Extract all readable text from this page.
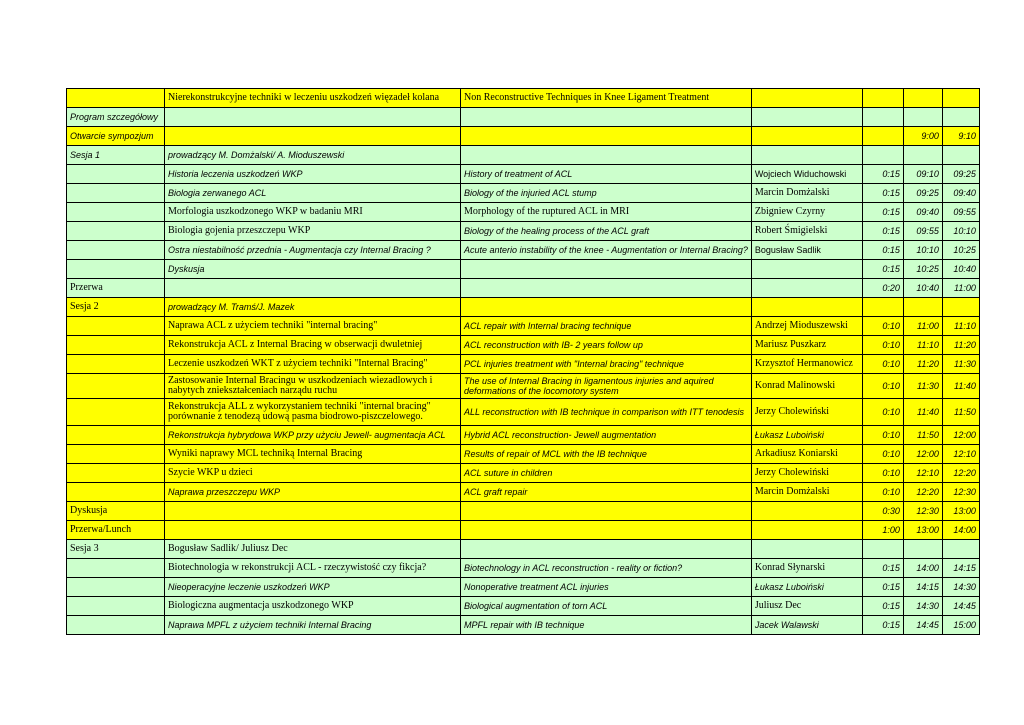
	Nierekonstrukcyjne techniki w leczeniu uszkodzeń więzadeł kolana	Non Reconstructive Techniques in Knee Ligament Treatment				
Program szczegółowy						
Otwarcie sympozjum					9:00	9:10
Sesja 1	prowadzący M. Domżalski/ A. Mioduszewski					
	Historia leczenia uszkodzeń WKP	History of treatment of ACL	Wojciech Widuchowski	0:15	09:10	09:25
	Biologia zerwanego ACL	Biology of the injuried ACL stump	Marcin Domżalski	0:15	09:25	09:40
	Morfologia uszkodzonego WKP w badaniu MRI	Morphology of the ruptured ACL in MRI	Zbigniew Czyrny	0:15	09:40	09:55
	Biologia gojenia przeszczepu WKP	Biology of the healing process of the ACL graft	Robert Śmigielski	0:15	09:55	10:10
	Ostra niestabilność przednia - Augmentacja czy Internal Bracing ?	Acute anterio instability of the knee - Augmentation or Internal Bracing?	Bogusław Sadlik	0:15	10:10	10:25
	Dyskusja			0:15	10:25	10:40
Przerwa				0:20	10:40	11:00
Sesja 2	prowadzący M. Tramś/J. Mazek					
	Naprawa ACL z użyciem techniki "internal bracing"	ACL repair with Internal bracing technique	Andrzej Mioduszewski	0:10	11:00	11:10
	Rekonstrukcja ACL z Internal Bracing w obserwacji dwuletniej	ACL reconstruction with IB- 2 years follow up	Mariusz Puszkarz	0:10	11:10	11:20
	Leczenie uszkodzeń WKT z użyciem techniki "Internal Bracing"	PCL injuries treatment with "Internal bracing" technique	Krzysztof Hermanowicz	0:10	11:20	11:30
	Zastosowanie Internal Bracingu w uszkodzeniach wiezadlowych i nabytych zniekształceniach narządu ruchu	The use of Internal Bracing in ligamentous injuries and aquired deformations of the locomotory system	Konrad Malinowski	0:10	11:30	11:40
	Rekonstrukcja ALL z wykorzystaniem techniki "internal bracing" porównanie z tenodezą udową pasma biodrowo-piszczelowego.	ALL reconstruction with IB technique in comparison with ITT tenodesis	Jerzy Cholewiński	0:10	11:40	11:50
	Rekonstrukcja hybrydowa WKP przy użyciu Jewell- augmentacja ACL	Hybrid ACL reconstruction- Jewell augmentation	Łukasz Luboiński	0:10	11:50	12:00
	Wyniki naprawy MCL techniką Internal Bracing	Results of repair of MCL with the IB technique	Arkadiusz Koniarski	0:10	12:00	12:10
	Szycie WKP u dzieci	ACL suture in children	Jerzy Cholewiński	0:10	12:10	12:20
	Naprawa przeszczepu WKP	ACL graft repair	Marcin Domżalski	0:10	12:20	12:30
Dyskusja				0:30	12:30	13:00
Przerwa/Lunch				1:00	13:00	14:00
Sesja 3	Bogusław Sadlik/ Juliusz Dec					
	Biotechnologia w rekonstrukcji ACL - rzeczywistość czy fikcja?	Biotechnology in ACL reconstruction - reality or fiction?	Konrad Słynarski	0:15	14:00	14:15
	Nieoperacyjne leczenie uszkodzeń WKP	Nonoperative treatment ACL injuries	Łukasz Luboiński	0:15	14:15	14:30
	Biologiczna augmentacja uszkodzonego WKP	Biological augmentation of torn ACL	Juliusz Dec	0:15	14:30	14:45
	Naprawa MPFL z użyciem techniki Internal Bracing	MPFL repair with IB technique	Jacek Walawski	0:15	14:45	15:00
